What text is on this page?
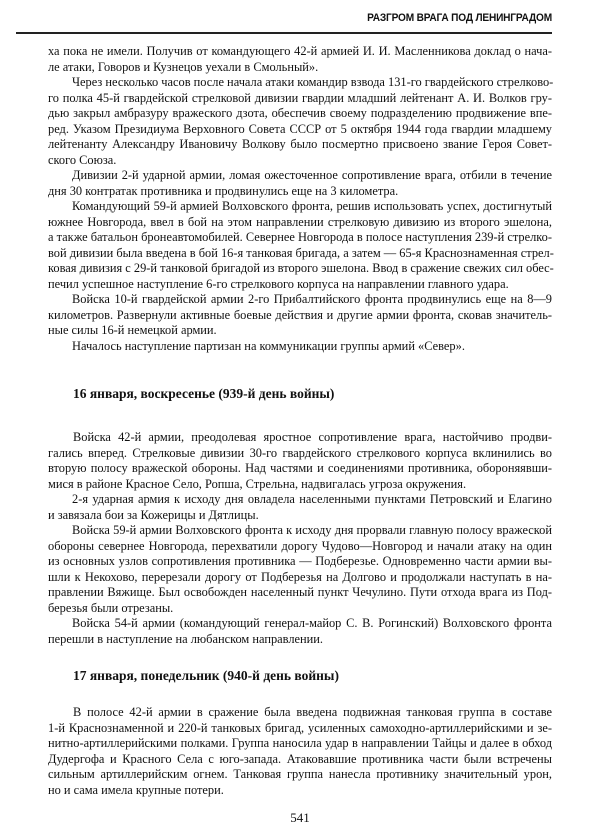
РАЗГРОМ ВРАГА ПОД ЛЕНИНГРАДОМ
ха пока не имели. Получив от командующего 42-й армией И. И. Масленникова доклад о нача-
ле атаки, Говоров и Кузнецов уехали в Смольный».
Через несколько часов после начала атаки командир взвода 131-го гвардейского стрелково-
го полка 45-й гвардейской стрелковой дивизии гвардии младший лейтенант А. И. Волков гру-
дью закрыл амбразуру вражеского дзота, обеспечив своему подразделению продвижение впе-
ред. Указом Президиума Верховного Совета СССР от 5 октября 1944 года гвардии младшему
лейтенанту Александру Ивановичу Волкову было посмертно присвоено звание Героя Совет-
ского Союза.
Дивизии 2-й ударной армии, ломая ожесточенное сопротивление врага, отбили в течение
дня 30 контратак противника и продвинулись еще на 3 километра.
Командующий 59-й армией Волховского фронта, решив использовать успех, достигнутый
южнее Новгорода, ввел в бой на этом направлении стрелковую дивизию из второго эшелона,
а также батальон бронеавтомобилей. Севернее Новгорода в полосе наступления 239-й стрелко-
вой дивизии была введена в бой 16-я танковая бригада, а затем — 65-я Краснознаменная стрел-
ковая дивизия с 29-й танковой бригадой из второго эшелона. Ввод в сражение свежих сил обес-
печил успешное наступление 6-го стрелкового корпуса на направлении главного удара.
Войска 10-й гвардейской армии 2-го Прибалтийского фронта продвинулись еще на 8—9
километров. Развернули активные боевые действия и другие армии фронта, сковав значитель-
ные силы 16-й немецкой армии.
Началось наступление партизан на коммуникации группы армий «Север».
16 января, воскресенье (939-й день войны)
Войска 42-й армии, преодолевая яростное сопротивление врага, настойчиво продви-
гались вперед. Стрелковые дивизии 30-го гвардейского стрелкового корпуса вклинились во
вторую полосу вражеской обороны. Над частями и соединениями противника, обороняявши-
мися в районе Красное Село, Ропша, Стрельна, надвигалась угроза окружения.
2-я ударная армия к исходу дня овладела населенными пунктами Петровский и Елагино
и завязала бои за Кожерицы и Дятлицы.
Войска 59-й армии Волховского фронта к исходу дня прорвали главную полосу вражеской
обороны севернее Новгорода, перехватили дорогу Чудово—Новгород и начали атаку на один
из основных узлов сопротивления противника — Подберезье. Одновременно части армии вы-
шли к Некохово, перерезали дорогу от Подберезья на Долгово и продолжали наступать в на-
правлении Вяжище. Был освобожден населенный пункт Чечулино. Пути отхода врага из Под-
березья были отрезаны.
Войска 54-й армии (командующий генерал-майор С. В. Рогинский) Волховского фронта
перешли в наступление на любанском направлении.
17 января, понедельник (940-й день войны)
В полосе 42-й армии в сражение была введена подвижная танковая группа в составе
1-й Краснознаменной и 220-й танковых бригад, усиленных самоходно-артиллерийскими и зе-
нитно-артиллерийскими полками. Группа наносила удар в направлении Тайцы и далее в обход
Дудергофа и Красного Села с юго-запада. Атаковавшие противника части были встречены
сильным артиллерийским огнем. Танковая группа нанесла противнику значительный урон,
но и сама имела крупные потери.
541
